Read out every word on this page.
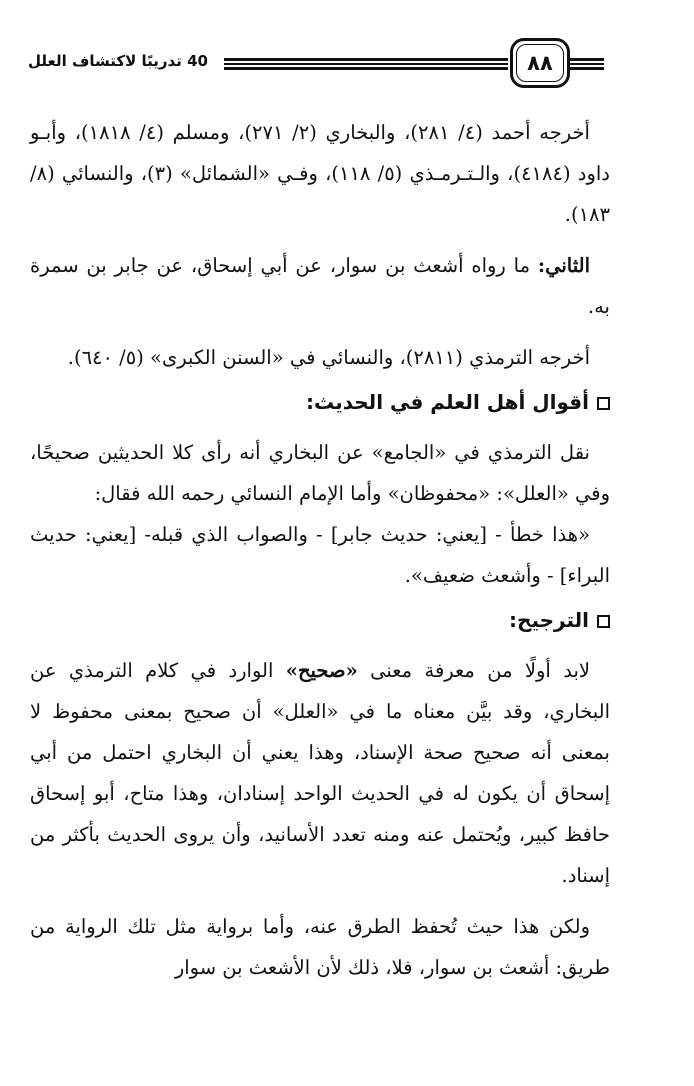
40 تدريبًا لاكتشاف العلل	٨٨

أخرجه أحمد (٤/ ٢٨١)، والبخاري (٢/ ٢٧١)، ومسلم (٤/ ١٨١٨)، وأبـو داود (٤١٨٤)، والـتـرمـذي (٥/ ١١٨)، وفـي «الشمائل» (٣)، والنسائي (٨/ ١٨٣).

الثاني: ما رواه أشعث بن سوار، عن أبي إسحاق، عن جابر بن سمرة به.

أخرجه الترمذي (٢٨١١)، والنسائي في «السنن الكبرى» (٥/ ٦٤٠).

أقوال أهل العلم في الحديث:

نقل الترمذي في «الجامع» عن البخاري أنه رأى كلا الحديثين صحيحًا، وفي «العلل»: «محفوظان» وأما الإمام النسائي رحمه الله فقال:

«هذا خطأ - [يعني: حديث جابر] - والصواب الذي قبله- [يعني: حديث البراء] - وأشعث ضعيف».

الترجيح:

لابد أولًا من معرفة معنى «صحيح» الوارد في كلام الترمذي عن البخاري، وقد بيَّن معناه ما في «العلل» أن صحيح بمعنى محفوظ لا بمعنى أنه صحيح صحة الإسناد، وهذا يعني أن البخاري احتمل من أبي إسحاق أن يكون له في الحديث الواحد إسنادان، وهذا متاح، أبو إسحاق حافظ كبير، ويُحتمل عنه ومنه تعدد الأسانيد، وأن يروى الحديث بأكثر من إسناد.

ولكن هذا حيث تُحفظ الطرق عنه، وأما برواية مثل تلك الرواية من طريق: أشعث بن سوار، فلا، ذلك لأن الأشعث بن سوار
